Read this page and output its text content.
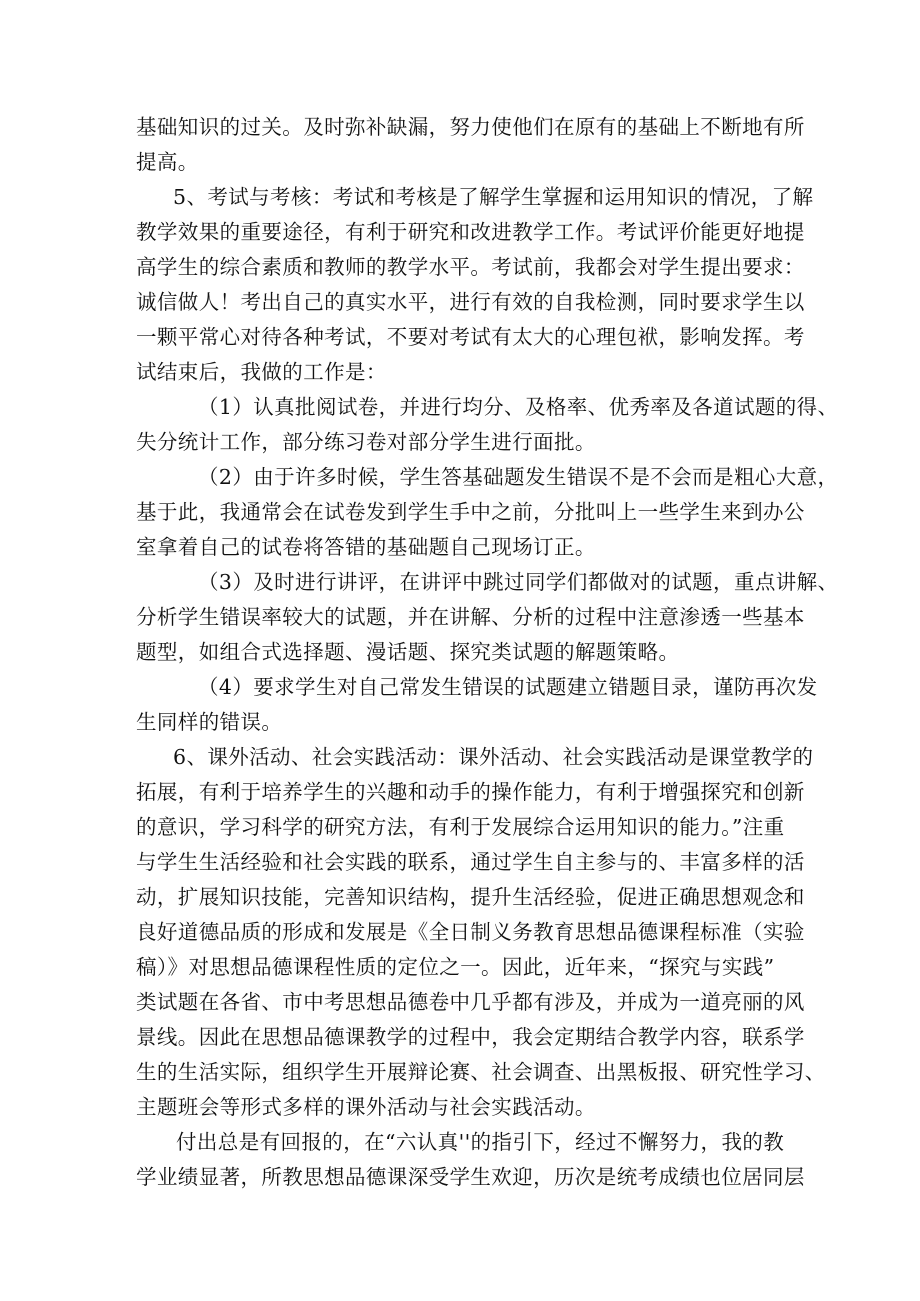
基础知识的过关。及时弥补缺漏，努力使他们在原有的基础上不断地有所
提高。
5、考试与考核：考试和考核是了解学生掌握和运用知识的情况，了解
教学效果的重要途径，有利于研究和改进教学工作。考试评价能更好地提
高学生的综合素质和教师的教学水平。考试前，我都会对学生提出要求：
诚信做人！考出自己的真实水平，进行有效的自我检测，同时要求学生以
一颗平常心对待各种考试，不要对考试有太大的心理包袱，影响发挥。考
试结束后，我做的工作是：
（1）认真批阅试卷，并进行均分、及格率、优秀率及各道试题的得、
失分统计工作，部分练习卷对部分学生进行面批。
（2）由于许多时候，学生答基础题发生错误不是不会而是粗心大意，
基于此，我通常会在试卷发到学生手中之前，分批叫上一些学生来到办公
室拿着自己的试卷将答错的基础题自己现场订正。
（3）及时进行讲评，在讲评中跳过同学们都做对的试题，重点讲解、
分析学生错误率较大的试题，并在讲解、分析的过程中注意渗透一些基本
题型，如组合式选择题、漫话题、探究类试题的解题策略。
（4）要求学生对自己常发生错误的试题建立错题目录，谨防再次发
生同样的错误。
6、课外活动、社会实践活动：课外活动、社会实践活动是课堂教学的
拓展，有利于培养学生的兴趣和动手的操作能力，有利于增强探究和创新
的意识，学习科学的研究方法，有利于发展综合运用知识的能力。”注重
与学生生活经验和社会实践的联系，通过学生自主参与的、丰富多样的活
动，扩展知识技能，完善知识结构，提升生活经验，促进正确思想观念和
良好道德品质的形成和发展是《全日制义务教育思想品德课程标准（实验
稿）》对思想品德课程性质的定位之一。因此，近年来，“探究与实践”
类试题在各省、市中考思想品德卷中几乎都有涉及，并成为一道亮丽的风
景线。因此在思想品德课教学的过程中，我会定期结合教学内容，联系学
生的生活实际，组织学生开展辩论赛、社会调查、出黑板报、研究性学习、
主题班会等形式多样的课外活动与社会实践活动。
付出总是有回报的，在“六认真''的指引下，经过不懈努力，我的教
学业绩显著，所教思想品德课深受学生欢迎，历次是统考成绩也位居同层
